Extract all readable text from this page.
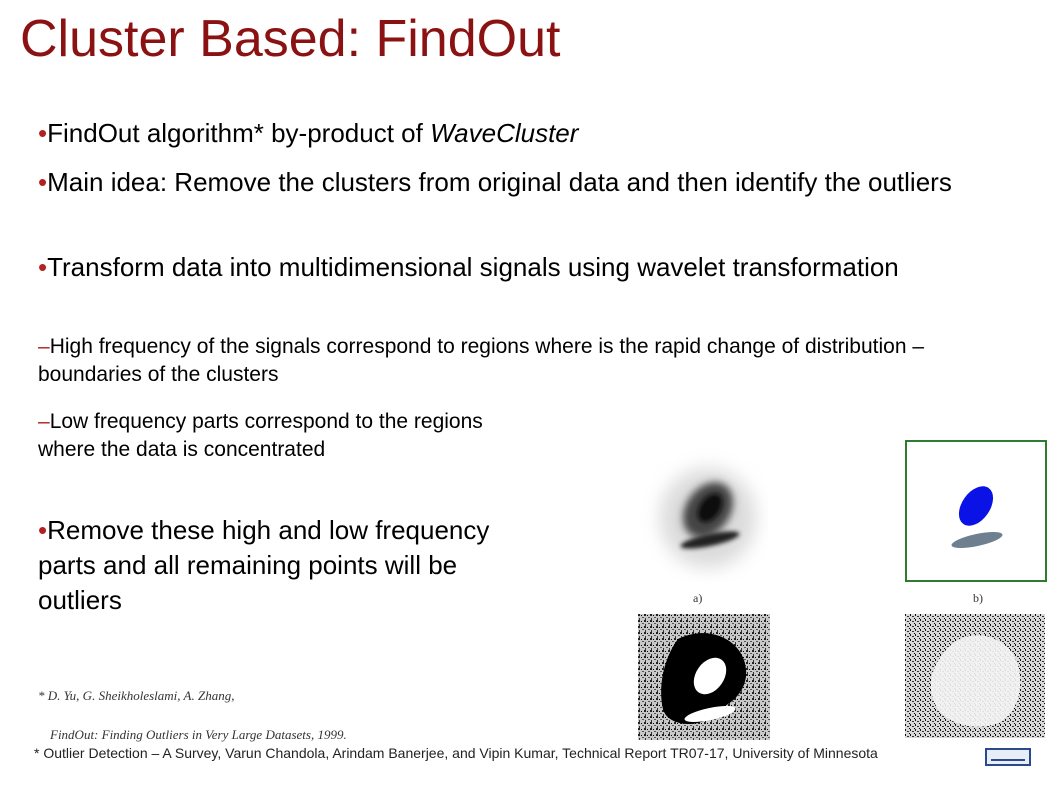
Cluster Based: FindOut
•FindOut algorithm* by-product of WaveCluster
•Main idea: Remove the clusters from original data and then identify the outliers
•Transform data into multidimensional signals using wavelet transformation
–High frequency of the signals correspond to regions where is the rapid change of distribution – boundaries of the clusters
–Low frequency parts correspond to the regions where the data is concentrated
•Remove these high and low frequency parts and all remaining points will be outliers	a)	b)
* D. Yu, G. Sheikholeslami, A. Zhang,
FindOut: Finding Outliers in Very Large Datasets, 1999.
* Outlier Detection – A Survey, Varun Chandola, Arindam Banerjee, and Vipin Kumar, Technical Report TR07-17, University of Minnesota
